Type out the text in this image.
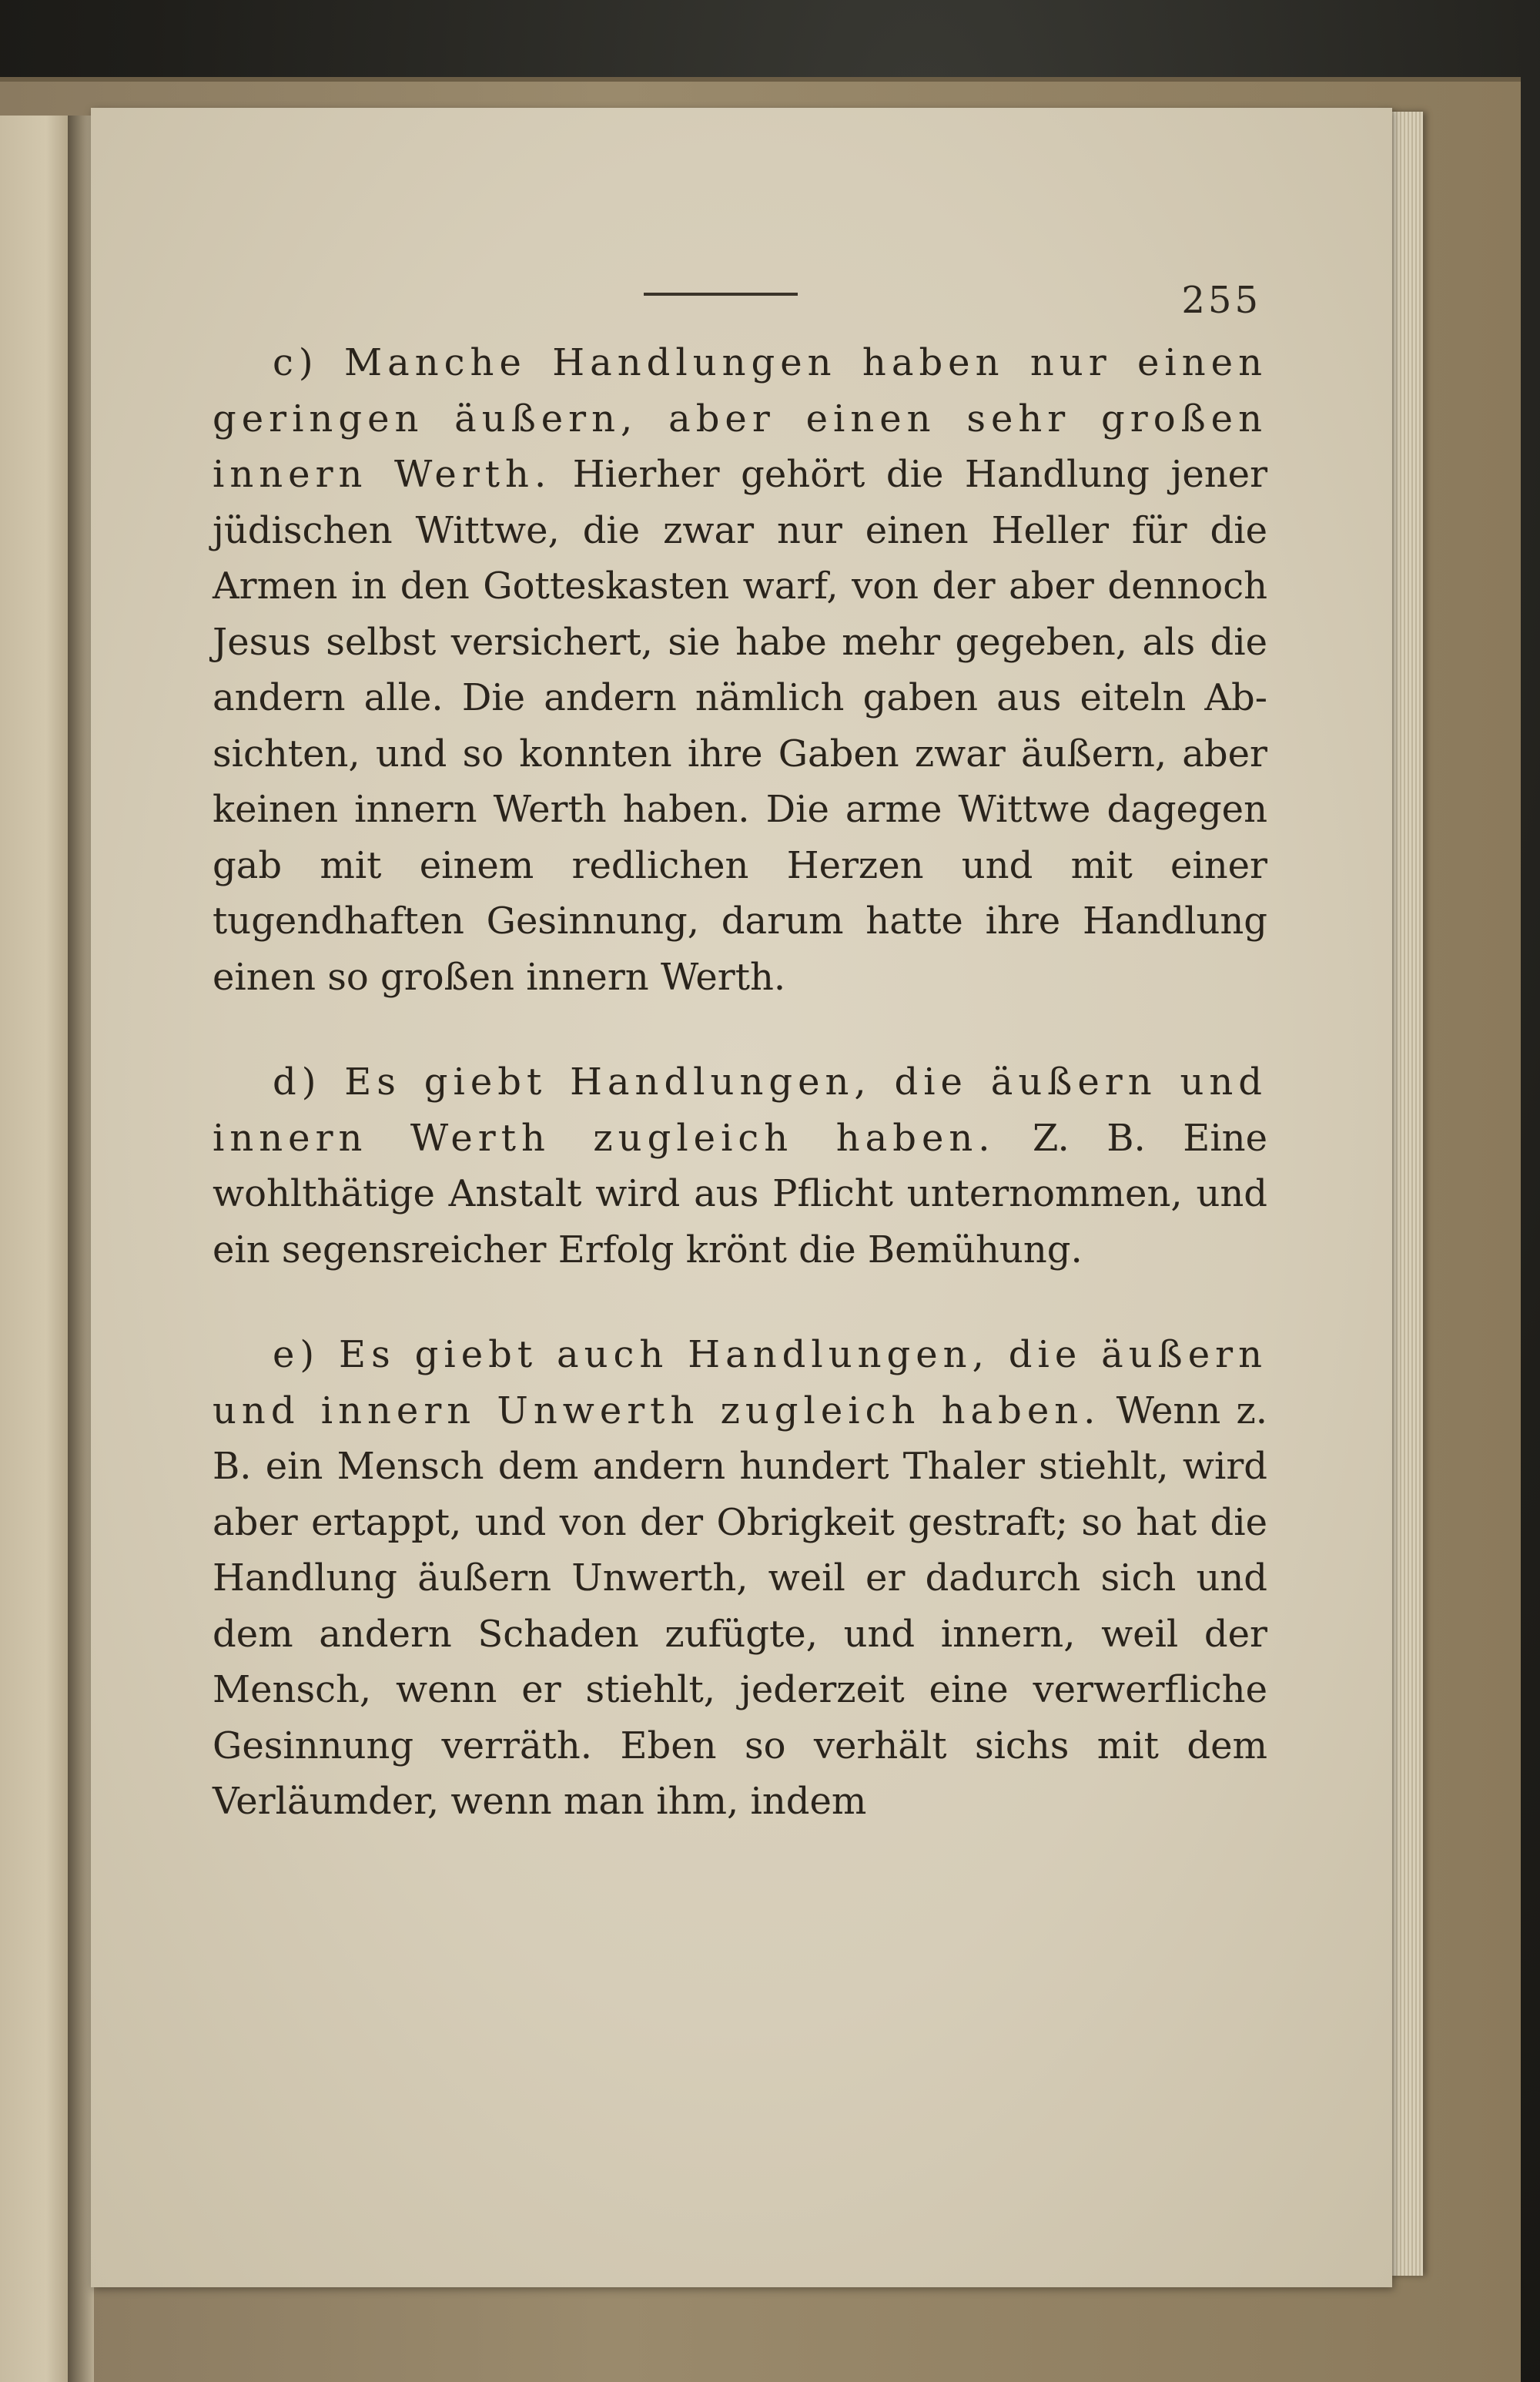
255

c) Manche Handlungen haben nur einen geringen äußern, aber einen sehr großen innern Werth. Hierher gehört die Handlung jener jüdischen Wittwe, die zwar nur einen Heller für die Armen in den Gotteskasten warf, von der aber dennoch Jesus selbst versichert, sie habe mehr gegeben, als die andern alle. Die andern nämlich gaben aus eiteln Absichten, und so konnten ihre Gaben zwar äußern, aber keinen innern Werth haben. Die arme Wittwe dagegen gab mit einem redlichen Herzen und mit einer tugendhaften Gesinnung, darum hatte ihre Handlung einen so großen innern Werth.

d) Es giebt Handlungen, die äußern und innern Werth zugleich haben. Z. B. Eine wohlthätige Anstalt wird aus Pflicht unternommen, und ein segensreicher Erfolg krönt die Bemühung.

e) Es giebt auch Handlungen, die äußern und innern Unwerth zugleich haben. Wenn z. B. ein Mensch dem andern hundert Thaler stiehlt, wird aber ertappt, und von der Obrigkeit gestraft; so hat die Handlung äußern Unwerth, weil er dadurch sich und dem andern Schaden zufügte, und innern, weil der Mensch, wenn er stiehlt, jederzeit eine verwerfliche Gesinnung verräth. Eben so verhält sichs mit dem Verläumder, wenn man ihm, indem
